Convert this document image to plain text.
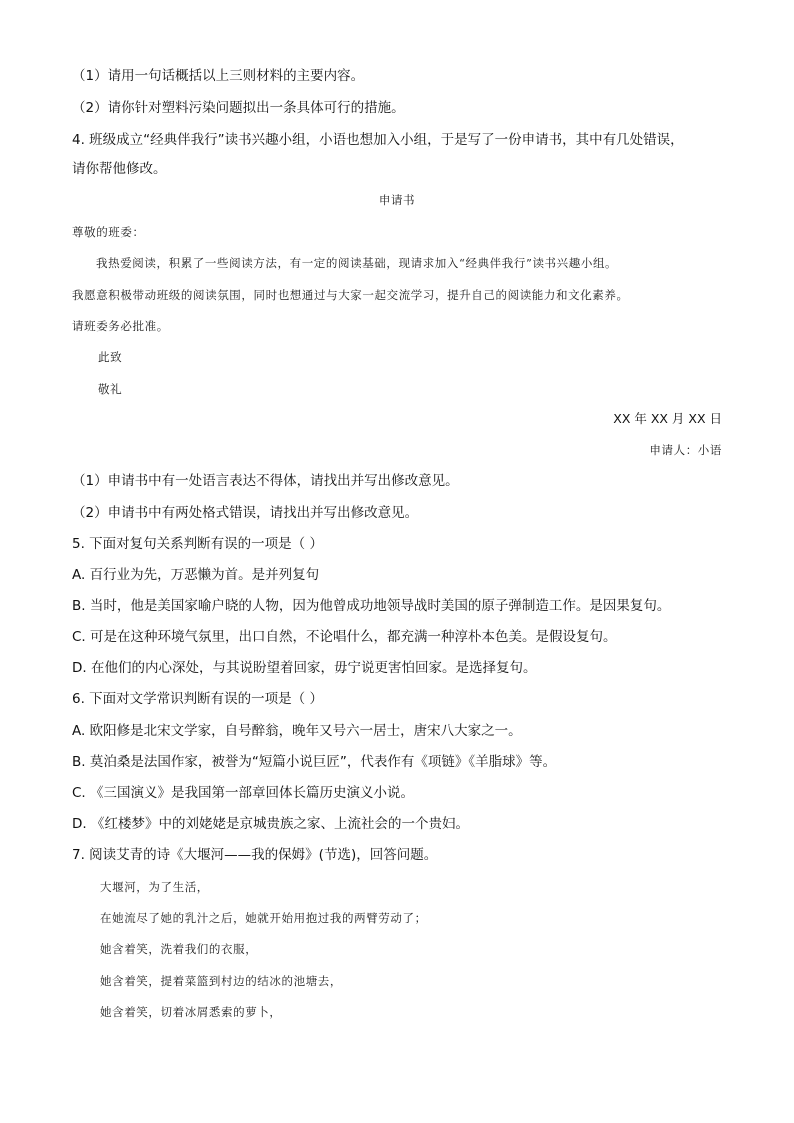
（1）请用一句话概括以上三则材料的主要内容。
（2）请你针对塑料污染问题拟出一条具体可行的措施。
4. 班级成立“经典伴我行”读书兴趣小组，小语也想加入小组，于是写了一份申请书，其中有几处错误，
请你帮他修改。
申请书
尊敬的班委：
我热爱阅读，积累了一些阅读方法，有一定的阅读基础，现请求加入“经典伴我行”读书兴趣小组。
我愿意积极带动班级的阅读氛围，同时也想通过与大家一起交流学习，提升自己的阅读能力和文化素养。
请班委务必批准。
此致
敬礼
XX 年 XX 月 XX 日
申请人：小语
（1）申请书中有一处语言表达不得体，请找出并写出修改意见。
（2）申请书中有两处格式错误，请找出并写出修改意见。
5. 下面对复句关系判断有误的一项是（ ）
A. 百行业为先，万恶懒为首。是并列复句
B. 当时，他是美国家喻户晓的人物，因为他曾成功地领导战时美国的原子弹制造工作。是因果复句。
C. 可是在这种环境气氛里，出口自然，不论唱什么，都充满一种淳朴本色美。是假设复句。
D. 在他们的内心深处，与其说盼望着回家，毋宁说更害怕回家。是选择复句。
6. 下面对文学常识判断有误的一项是（ ）
A. 欧阳修是北宋文学家，自号醉翁，晚年又号六一居士，唐宋八大家之一。
B. 莫泊桑是法国作家，被誉为“短篇小说巨匠”，代表作有《项链》《羊脂球》等。
C. 《三国演义》是我国第一部章回体长篇历史演义小说。
D. 《红楼梦》中的刘姥姥是京城贵族之家、上流社会的一个贵妇。
7. 阅读艾青的诗《大堰河——我的保姆》(节选)，回答问题。
大堰河，为了生活，
在她流尽了她的乳汁之后，她就开始用抱过我的两臂劳动了；
她含着笑，洗着我们的衣服，
她含着笑，提着菜篮到村边的结冰的池塘去，
她含着笑，切着冰屑悉索的萝卜，
